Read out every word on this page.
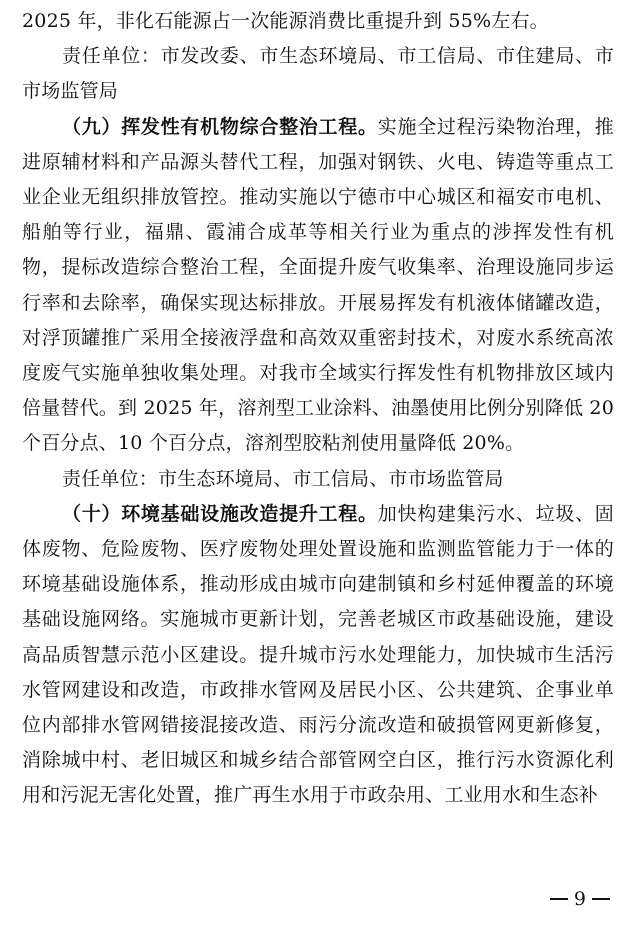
2025 年，非化石能源占一次能源消费比重提升到 55%左右。

责任单位：市发改委、市生态环境局、市工信局、市住建局、市市场监管局

（九）挥发性有机物综合整治工程。实施全过程污染物治理，推进原辅材料和产品源头替代工程，加强对钢铁、火电、铸造等重点工业企业无组织排放管控。推动实施以宁德市中心城区和福安市电机、船舶等行业，福鼎、霞浦合成革等相关行业为重点的涉挥发性有机物，提标改造综合整治工程，全面提升废气收集率、治理设施同步运行率和去除率，确保实现达标排放。开展易挥发有机液体储罐改造，对浮顶罐推广采用全接液浮盘和高效双重密封技术，对废水系统高浓度废气实施单独收集处理。对我市全域实行挥发性有机物排放区域内倍量替代。到 2025 年，溶剂型工业涂料、油墨使用比例分别降低 20 个百分点、10 个百分点，溶剂型胶粘剂使用量降低 20%。

责任单位：市生态环境局、市工信局、市市场监管局

（十）环境基础设施改造提升工程。加快构建集污水、垃圾、固体废物、危险废物、医疗废物处理处置设施和监测监管能力于一体的环境基础设施体系，推动形成由城市向建制镇和乡村延伸覆盖的环境基础设施网络。实施城市更新计划，完善老城区市政基础设施，建设高品质智慧示范小区建设。提升城市污水处理能力，加快城市生活污水管网建设和改造，市政排水管网及居民小区、公共建筑、企事业单位内部排水管网错接混接改造、雨污分流改造和破损管网更新修复，消除城中村、老旧城区和城乡结合部管网空白区，推行污水资源化利用和污泥无害化处置，推广再生水用于市政杂用、工业用水和生态补

9
